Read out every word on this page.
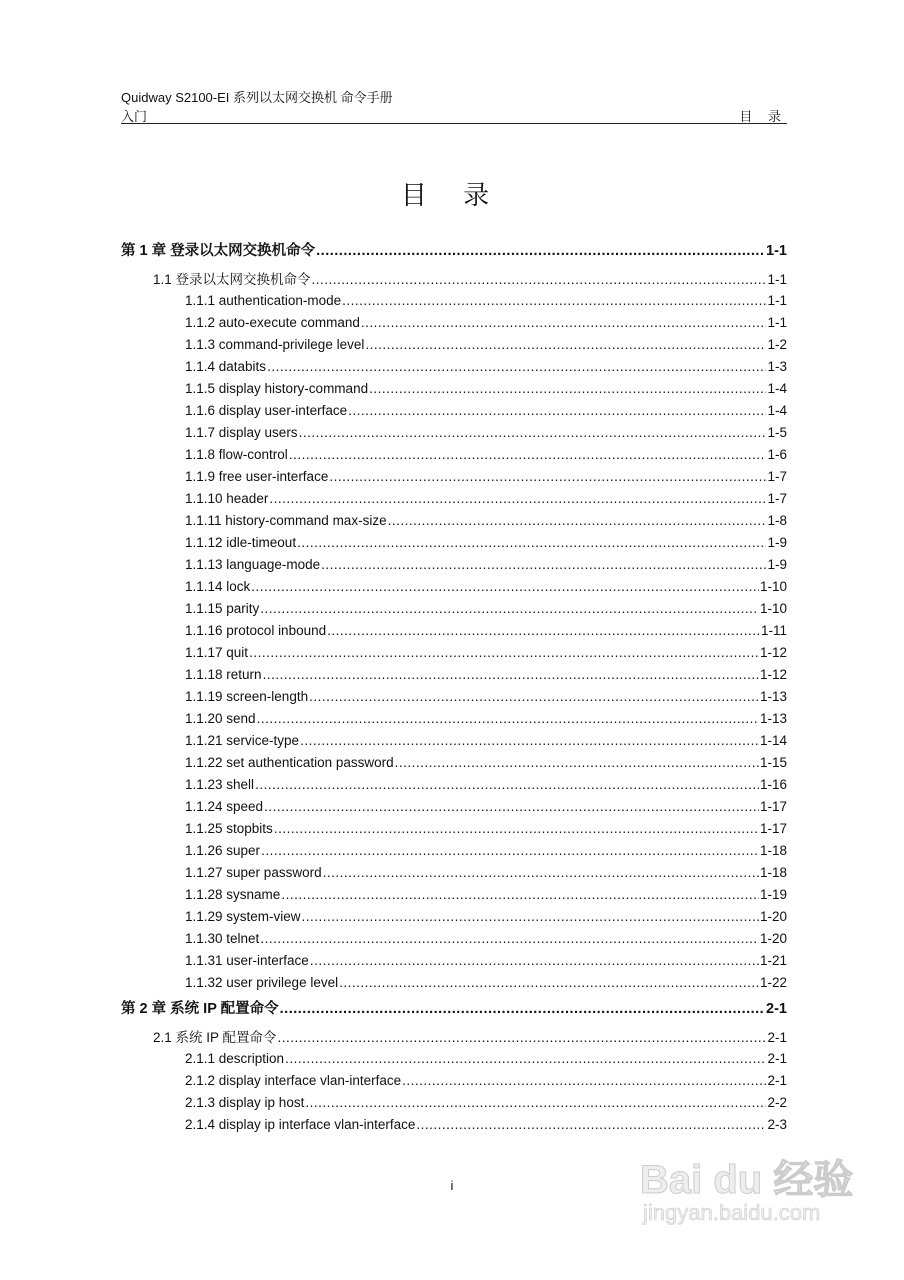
Quidway S2100-EI 系列以太网交换机 命令手册
入门	目 录
目 录
第 1 章 登录以太网交换机命令 .....	1-1
1.1 登录以太网交换机命令 .....	1-1
1.1.1 authentication-mode .....	1-1
1.1.2 auto-execute command .....	1-1
1.1.3 command-privilege level .....	1-2
1.1.4 databits .....	1-3
1.1.5 display history-command .....	1-4
1.1.6 display user-interface .....	1-4
1.1.7 display users .....	1-5
1.1.8 flow-control .....	1-6
1.1.9 free user-interface .....	1-7
1.1.10 header .....	1-7
1.1.11 history-command max-size .....	1-8
1.1.12 idle-timeout .....	1-9
1.1.13 language-mode .....	1-9
1.1.14 lock .....	1-10
1.1.15 parity .....	1-10
1.1.16 protocol inbound .....	1-11
1.1.17 quit .....	1-12
1.1.18 return .....	1-12
1.1.19 screen-length .....	1-13
1.1.20 send .....	1-13
1.1.21 service-type .....	1-14
1.1.22 set authentication password .....	1-15
1.1.23 shell .....	1-16
1.1.24 speed .....	1-17
1.1.25 stopbits .....	1-17
1.1.26 super .....	1-18
1.1.27 super password .....	1-18
1.1.28 sysname .....	1-19
1.1.29 system-view .....	1-20
1.1.30 telnet .....	1-20
1.1.31 user-interface .....	1-21
1.1.32 user privilege level .....	1-22
第 2 章 系统 IP 配置命令 .....	2-1
2.1 系统 IP 配置命令 .....	2-1
2.1.1 description .....	2-1
2.1.2 display interface vlan-interface .....	2-1
2.1.3 display ip host .....	2-2
2.1.4 display ip interface vlan-interface .....	2-3
i	Bai du 经验
jingyan.baidu.com
